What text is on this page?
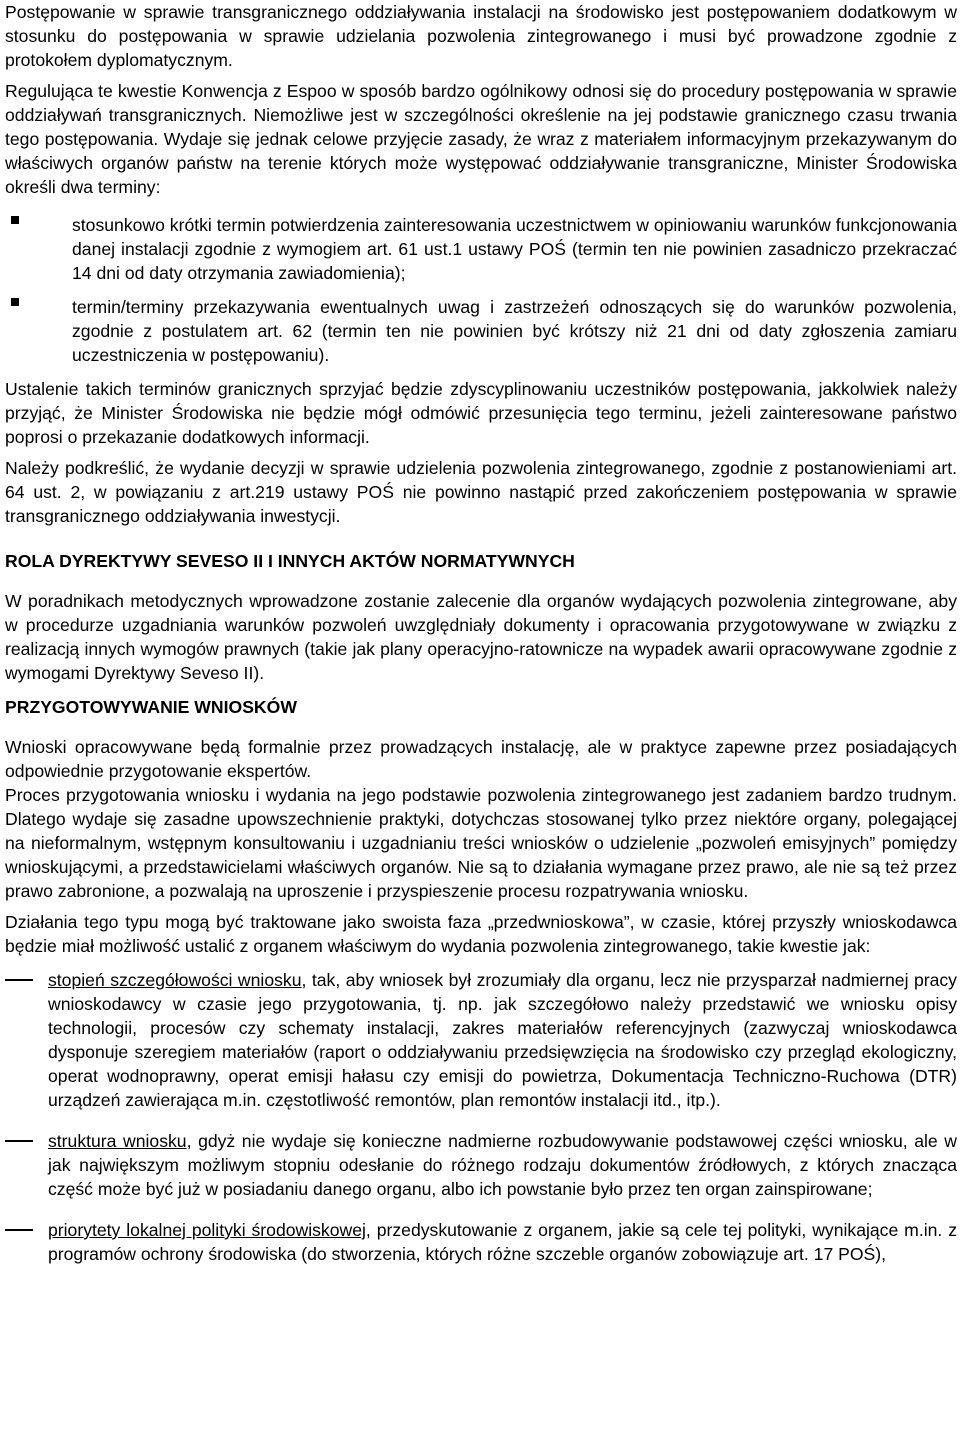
Postępowanie w sprawie transgranicznego oddziaływania instalacji na środowisko jest postępowaniem dodatkowym w stosunku do postępowania w sprawie udzielania pozwolenia zintegrowanego i musi być prowadzone zgodnie z protokołem dyplomatycznym.

Regulująca te kwestie Konwencja z Espoo w sposób bardzo ogólnikowy odnosi się do procedury postępowania w sprawie oddziaływań transgranicznych. Niemożliwe jest w szczególności określenie na jej podstawie granicznego czasu trwania tego postępowania. Wydaje się jednak celowe przyjęcie zasady, że wraz z materiałem informacyjnym przekazywanym do właściwych organów państw na terenie których może występować oddziaływanie transgraniczne, Minister Środowiska określi dwa terminy:

stosunkowo krótki termin potwierdzenia zainteresowania uczestnictwem w opiniowaniu warunków funkcjonowania danej instalacji zgodnie z wymogiem art. 61 ust.1 ustawy POŚ (termin ten nie powinien zasadniczo przekraczać 14 dni od daty otrzymania zawiadomienia);
termin/terminy przekazywania ewentualnych uwag i zastrzeżeń odnoszących się do warunków pozwolenia, zgodnie z postulatem art. 62 (termin ten nie powinien być krótszy niż 21 dni od daty zgłoszenia zamiaru uczestniczenia w postępowaniu).

Ustalenie takich terminów granicznych sprzyjać będzie zdyscyplinowaniu uczestników postępowania, jakkolwiek należy przyjąć, że Minister Środowiska nie będzie mógł odmówić przesunięcia tego terminu, jeżeli zainteresowane państwo poprosi o przekazanie dodatkowych informacji.

Należy podkreślić, że wydanie decyzji w sprawie udzielenia pozwolenia zintegrowanego, zgodnie z postanowieniami art. 64 ust. 2, w powiązaniu z art.219 ustawy POŚ nie powinno nastąpić przed zakończeniem postępowania w sprawie transgranicznego oddziaływania inwestycji.

ROLA DYREKTYWY SEVESO II I INNYCH AKTÓW NORMATYWNYCH

W poradnikach metodycznych wprowadzone zostanie zalecenie dla organów wydających pozwolenia zintegrowane, aby w procedurze uzgadniania warunków pozwoleń uwzględniały dokumenty i opracowania przygotowywane w związku z realizacją innych wymogów prawnych (takie jak plany operacyjno-ratownicze na wypadek awarii opracowywane zgodnie z wymogami Dyrektywy Seveso II).

PRZYGOTOWYWANIE WNIOSKÓW

Wnioski opracowywane będą formalnie przez prowadzących instalację, ale w praktyce zapewne przez posiadających odpowiednie przygotowanie ekspertów.

Proces przygotowania wniosku i wydania na jego podstawie pozwolenia zintegrowanego jest zadaniem bardzo trudnym. Dlatego wydaje się zasadne upowszechnienie praktyki, dotychczas stosowanej tylko przez niektóre organy, polegającej na nieformalnym, wstępnym konsultowaniu i uzgadnianiu treści wniosków o udzielenie „pozwoleń emisyjnych” pomiędzy wnioskującymi, a przedstawicielami właściwych organów. Nie są to działania wymagane przez prawo, ale nie są też przez prawo zabronione, a pozwalają na uproszenie i przyspieszenie procesu rozpatrywania wniosku.

Działania tego typu mogą być traktowane jako swoista faza „przedwnioskowa”, w czasie, której przyszły wnioskodawca będzie miał możliwość ustalić z organem właściwym do wydania pozwolenia zintegrowanego, takie kwestie jak:

stopień szczegółowości wniosku, tak, aby wniosek był zrozumiały dla organu, lecz nie przysparzał nadmiernej pracy wnioskodawcy w czasie jego przygotowania, tj. np. jak szczegółowo należy przedstawić we wniosku opisy technologii, procesów czy schematy instalacji, zakres materiałów referencyjnych (zazwyczaj wnioskodawca dysponuje szeregiem materiałów (raport o oddziaływaniu przedsięwzięcia na środowisko czy przegląd ekologiczny, operat wodnoprawny, operat emisji hałasu czy emisji do powietrza, Dokumentacja Techniczno-Ruchowa (DTR) urządzeń zawierająca m.in. częstotliwość remontów, plan remontów instalacji itd., itp.).
struktura wniosku, gdyż nie wydaje się konieczne nadmierne rozbudowywanie podstawowej części wniosku, ale w jak największym możliwym stopniu odesłanie do różnego rodzaju dokumentów źródłowych, z których znacząca część może być już w posiadaniu danego organu, albo ich powstanie było przez ten organ zainspirowane;
priorytety lokalnej polityki środowiskowej, przedyskutowanie z organem, jakie są cele tej polityki, wynikające m.in. z programów ochrony środowiska (do stworzenia, których różne szczeble organów zobowiązuje art. 17 POŚ),
